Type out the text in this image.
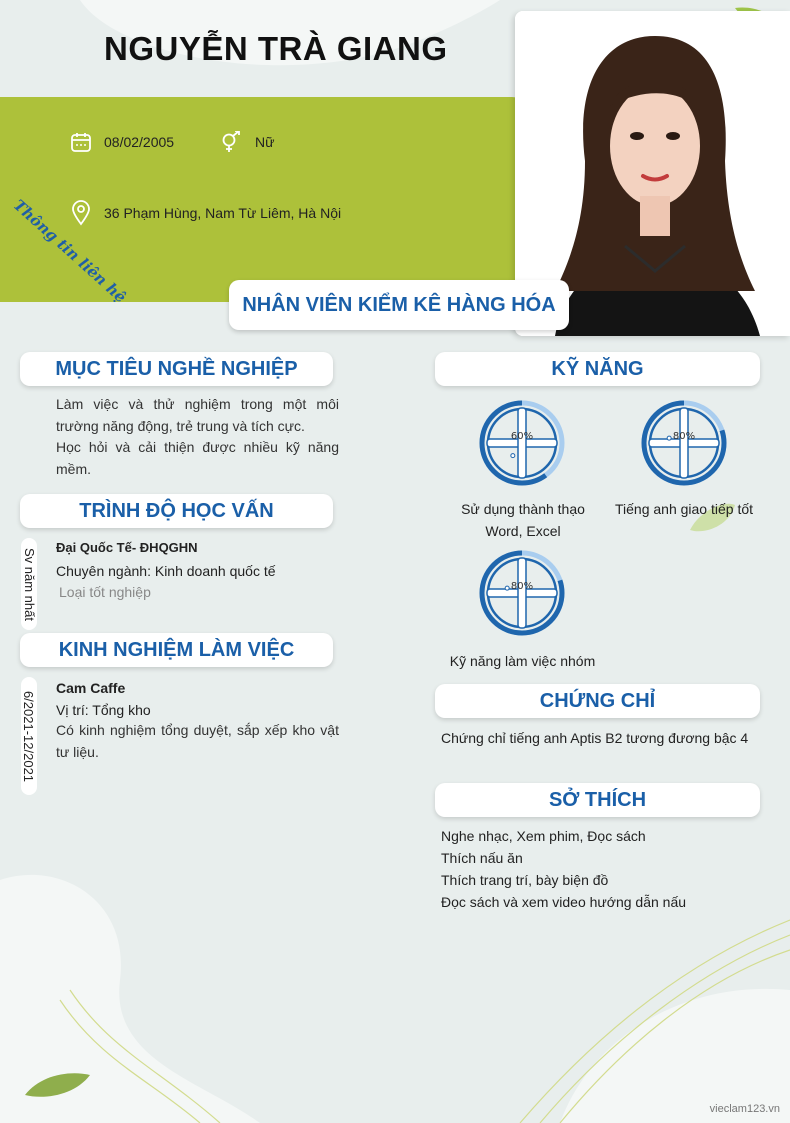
NGUYỄN TRÀ GIANG
08/02/2005	Nữ
36 Phạm Hùng, Nam Từ Liêm, Hà Nội
Thông tin liên hệ	NHÂN VIÊN KIỂM KÊ HÀNG HÓA
MỤC TIÊU NGHỀ NGHIỆP
Làm việc và thử nghiệm trong một môi trường năng động, trẻ trung và tích cực.
Học hỏi và cải thiện được nhiều kỹ năng mềm.
TRÌNH ĐỘ HỌC VẤN
Sv năm nhất Đại Quốc Tế- ĐHQGHN
Chuyên ngành: Kinh doanh quốc tế
Loại tốt nghiệp
KINH NGHIỆM LÀM VIỆC
6/2021-12/2021
Cam Caffe
Vị trí: Tổng kho
Có kinh nghiệm tổng duyệt, sắp xếp kho vật tư liệu.
KỸ NĂNG
60%
Sử dụng thành thạo Word, Excel
80%
Tiếng anh giao tiếp tốt
80%
Kỹ năng làm việc nhóm
CHỨNG CHỈ
Chứng chỉ tiếng anh Aptis B2 tương đương bậc 4
SỞ THÍCH
Nghe nhạc, Xem phim, Đọc sách
Thích nấu ăn
Thích trang trí, bày biện đồ
Đọc sách và xem video hướng dẫn nấu
vieclam123.vn
